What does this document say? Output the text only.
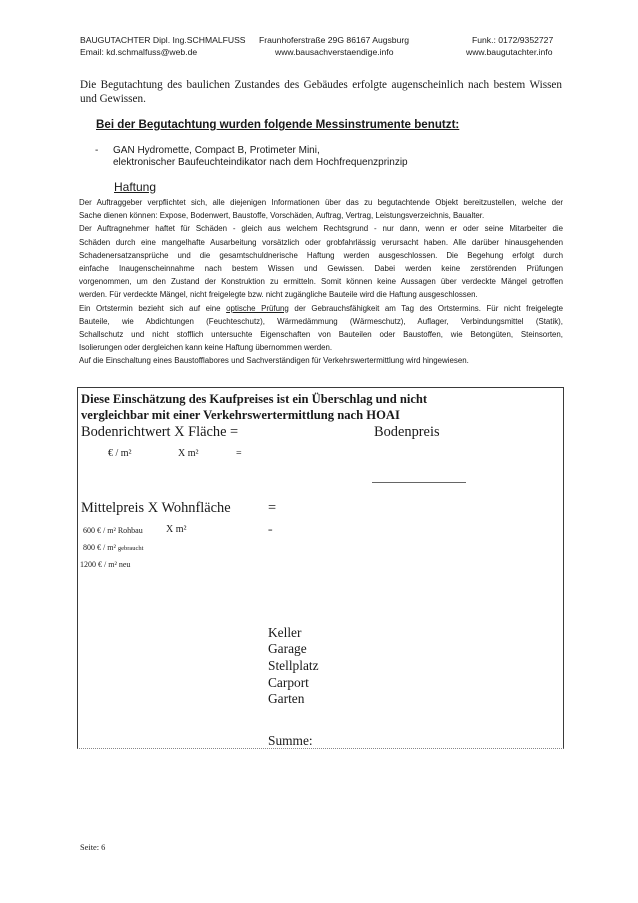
BAUGUTACHTER Dipl. Ing.SCHMALFUSS
Email: kd.schmalfuss@web.de
Fraunhoferstraße 29G 86167 Augsburg
www.bausachverstaendige.info
Funk.: 0172/9352727
www.baugutachter.info
Die Begutachtung des baulichen Zustandes des Gebäudes erfolgte augenscheinlich nach bestem Wissen und Gewissen.
Bei der Begutachtung wurden folgende Messinstrumente benutzt:
- GAN Hydromette, Compact B, Protimeter Mini,
elektronischer Baufeuchteindikator nach dem Hochfrequenzprinzip
Haftung
Der Auftraggeber verpflichtet sich, alle diejenigen Informationen über das zu begutachtende Objekt bereitzustellen, welche der
Sache dienen können: Expose, Bodenwert, Baustoffe, Vorschäden, Auftrag, Vertrag, Leistungsverzeichnis, Baualter.
Der Auftragnehmer haftet für Schäden - gleich aus welchem Rechtsgrund - nur dann, wenn er oder seine Mitarbeiter die
Schäden durch eine mangelhafte Ausarbeitung vorsätzlich oder grobfahrlässig verursacht haben. Alle darüber hinausgehenden
Schadenersatzansprüche und die gesamtschuldnerische Haftung werden ausgeschlossen. Die Begehung erfolgt durch
einfache Inaugenscheinnahme nach bestem Wissen und Gewissen. Dabei werden keine zerstörenden Prüfungen
vorgenommen, um den Zustand der Konstruktion zu ermitteln. Somit können keine Aussagen über verdeckte Mängel getroffen
werden. Für verdeckte Mängel, nicht freigelegte bzw. nicht zugängliche Bauteile wird die Haftung ausgeschlossen.
Ein Ortstermin bezieht sich auf eine optische Prüfung der Gebrauchsfähigkeit am Tag des Ortstermins. Für nicht freigelegte
Bauteile, wie Abdichtungen (Feuchteschutz), Wärmedämmung (Wärmeschutz), Auflager, Verbindungsmittel (Statik),
Schallschutz und nicht stofflich untersuchte Eigenschaften von Bauteilen oder Baustoffen, wie Betongüten, Steinsorten,
Isolierungen oder dergleichen kann keine Haftung übernommen werden.
Auf die Einschaltung eines Baustofflabores und Sachverständigen für Verkehrswertermittlung wird hingewiesen.
Diese Einschätzung des Kaufpreises ist ein Überschlag und nicht
vergleichbar mit einer Verkehrswertermittlung nach HOAI
Bodenrichtwert X Fläche =	Bodenpreis
€ / m²	X m²	=
Mittelpreis X Wohnfläche	=
600 € / m² Rohbau X m²	=
800 € / m² gebraucht
1200 € / m² neu
Keller
Garage
Stellplatz
Carport
Garten
Summe:
Seite: 6
